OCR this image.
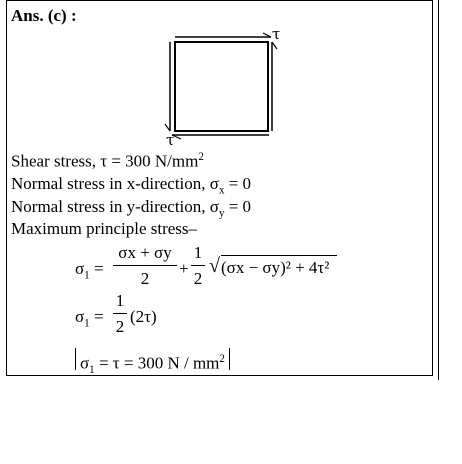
Ans. (c) :
τ
τ
Shear stress, τ = 300 $N/mm^2$
Normal stress in x-direction, $\sigma_x = 0$
Normal stress in y-direction, $\sigma_y = 0$
Maximum principle stress–
$\sigma_1$ =
σx + σy
2
+
1
2
√ (σx − σy)² + 4τ²
$\sigma_1$ =
1
2
(2τ)
$\sigma_1 = \tau = 300$ N / $mm^2$
